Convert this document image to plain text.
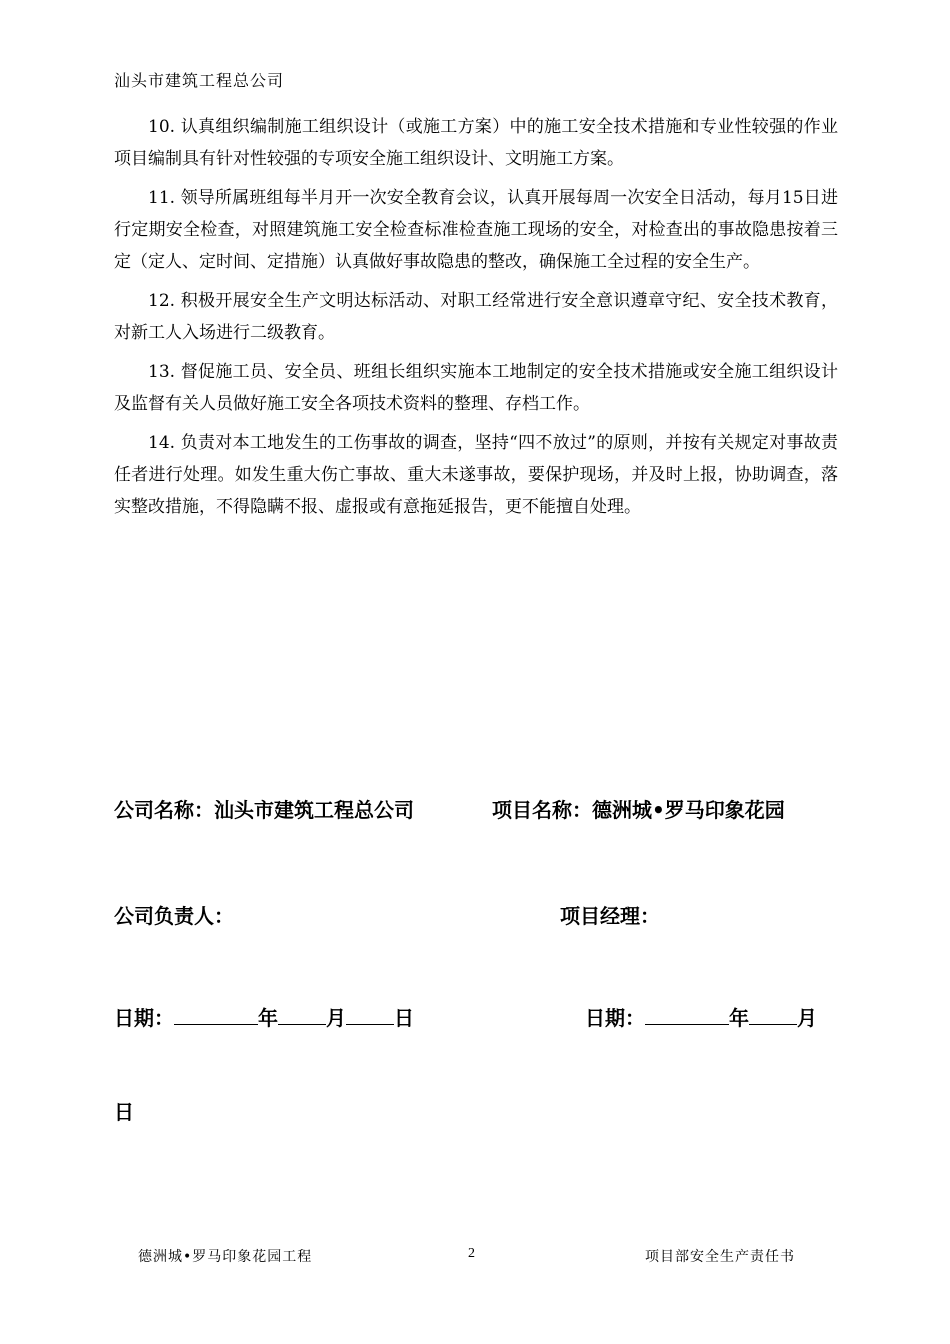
汕头市建筑工程总公司

10. 认真组织编制施工组织设计（或施工方案）中的施工安全技术措施和专业性较强的作业项目编制具有针对性较强的专项安全施工组织设计、文明施工方案。

11. 领导所属班组每半月开一次安全教育会议，认真开展每周一次安全日活动，每月15日进行定期安全检查，对照建筑施工安全检查标准检查施工现场的安全，对检查出的事故隐患按着三定（定人、定时间、定措施）认真做好事故隐患的整改，确保施工全过程的安全生产。

12. 积极开展安全生产文明达标活动、对职工经常进行安全意识遵章守纪、安全技术教育，对新工人入场进行二级教育。

13. 督促施工员、安全员、班组长组织实施本工地制定的安全技术措施或安全施工组织设计及监督有关人员做好施工安全各项技术资料的整理、存档工作。

14. 负责对本工地发生的工伤事故的调查，坚持“四不放过”的原则，并按有关规定对事故责任者进行处理。如发生重大伤亡事故、重大未遂事故，要保护现场，并及时上报，协助调查，落实整改措施，不得隐瞒不报、虚报或有意拖延报告，更不能擅自处理。

公司名称：汕头市建筑工程总公司	项目名称：德洲城•罗马印象花园
公司负责人：	项目经理：
日期：	年 月 日	日期：	年 月
日
德洲城•罗马印象花园工程	2	项目部安全生产责任书
